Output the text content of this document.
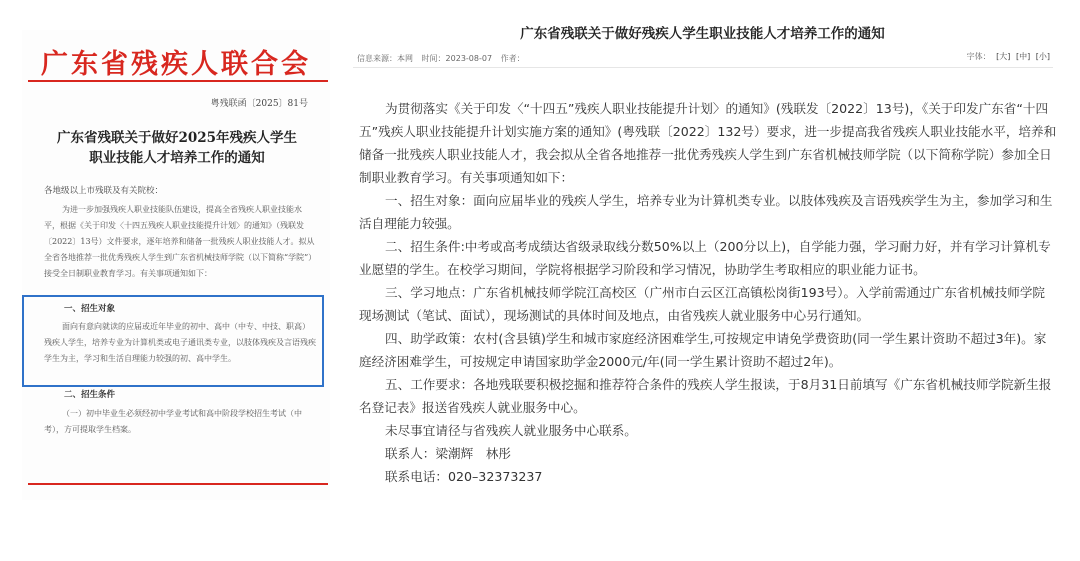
广东省残疾人联合会
粤残联函〔2025〕81号
广东省残联关于做好2025年残疾人学生
职业技能人才培养工作的通知
各地级以上市残联及有关院校：
为进一步加强残疾人职业技能队伍建设，提高全省残疾人职业技能水平，根据《关于印发〈十四五残疾人职业技能提升计划〉的通知》（残联发〔2022〕13号）文件要求，逐年培养和储备一批残疾人职业技能人才。拟从全省各地推荐一批优秀残疾人学生到广东省机械技师学院（以下简称“学院”）接受全日制职业教育学习。有关事项通知如下：
一、招生对象
面向有意向就读的应届或近年毕业的初中、高中（中专、中技、职高）残疾人学生，培养专业为计算机类或电子通讯类专业，以肢体残疾及言语残疾学生为主，学习和生活自理能力较强的初、高中学生。
二、招生条件
（一）初中毕业生必须经初中学业考试和高中阶段学校招生考试（中考），方可提取学生档案。
广东省残联关于做好残疾人学生职业技能人才培养工作的通知
信息来源：本网 时间：2023-08-07 作者：	字体： [大] [中] [小]

为贯彻落实《关于印发〈“十四五”残疾人职业技能提升计划〉的通知》(残联发〔2022〕13号)，《关于印发广东省“十四五”残疾人职业技能提升计划实施方案的通知》(粤残联〔2022〕132号）要求，进一步提高我省残疾人职业技能水平，培养和储备一批残疾人职业技能人才，我会拟从全省各地推荐一批优秀残疾人学生到广东省机械技师学院（以下简称学院）参加全日制职业教育学习。有关事项通知如下：

一、招生对象：面向应届毕业的残疾人学生，培养专业为计算机类专业。以肢体残疾及言语残疾学生为主，参加学习和生活自理能力较强。

二、招生条件:中考或高考成绩达省级录取线分数50%以上（200分以上)，自学能力强，学习耐力好，并有学习计算机专业愿望的学生。在校学习期间，学院将根据学习阶段和学习情况，协助学生考取相应的职业能力证书。

三、学习地点：广东省机械技师学院江高校区（广州市白云区江高镇松岗街193号）。入学前需通过广东省机械技师学院现场测试（笔试、面试），现场测试的具体时间及地点，由省残疾人就业服务中心另行通知。

四、助学政策：农村(含县镇)学生和城市家庭经济困难学生,可按规定申请免学费资助(同一学生累计资助不超过3年)。家庭经济困难学生，可按规定申请国家助学金2000元/年(同一学生累计资助不超过2年)。

五、工作要求：各地残联要积极挖掘和推荐符合条件的残疾人学生报读，于8月31日前填写《广东省机械技师学院新生报名登记表》报送省残疾人就业服务中心。

未尽事宜请径与省残疾人就业服务中心联系。

联系人：梁潮辉　林彤

联系电话：020–32373237
